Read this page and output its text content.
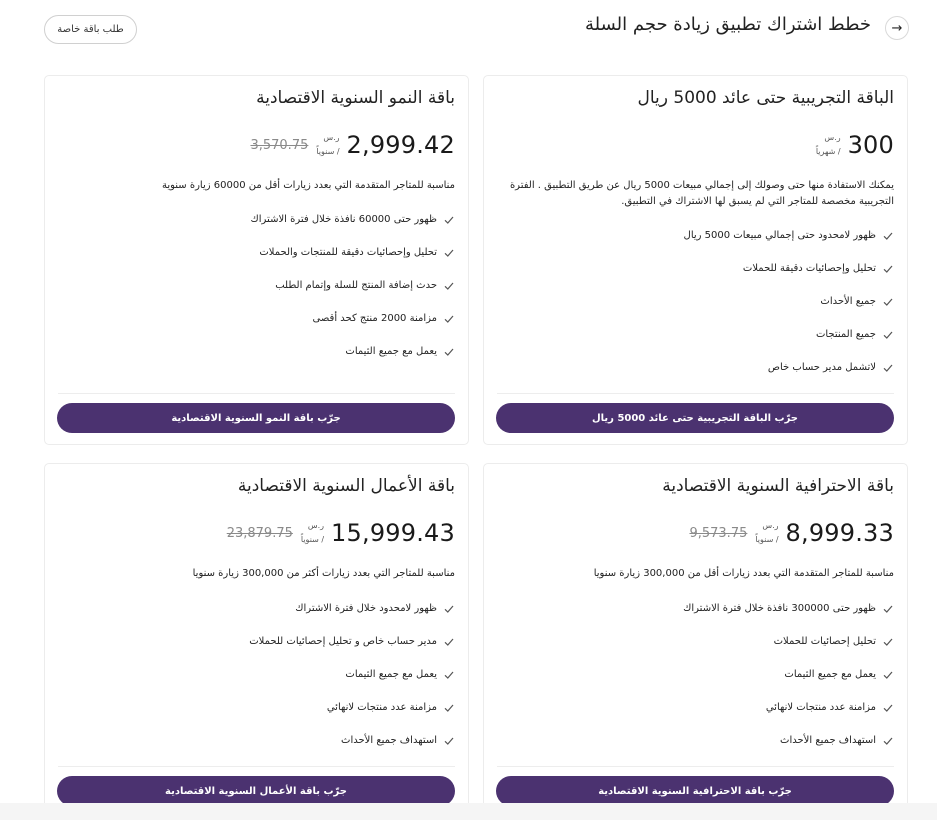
→
خطط اشتراك تطبيق زيادة حجم السلة
طلب باقة خاصة
الباقة التجريبية حتى عائد 5000 ريال
300
ر.س
/ شهرياً

يمكنك الاستفادة منها حتى وصولك إلى إجمالي مبيعات 5000 ريال عن طريق التطبيق . الفترة التجريبية مخصصة للمتاجر التي لم يسبق لها الاشتراك في التطبيق.

ظهور لامحدود حتى إجمالي مبيعات 5000 ريال
تحليل وإحصائيات دقيقة للحملات
جميع الأحداث
جميع المنتجات
لاتشمل مدير حساب خاص
جرّب الباقة التجريبية حتى عائد 5000 ريال
باقة النمو السنوية الاقتصادية
2,999.42
ر.س
/ سنوياً
3,570.75

مناسبة للمتاجر المتقدمة التي بعدد زيارات أقل من 60000 زيارة سنوية

ظهور حتى 60000 نافذة خلال فترة الاشتراك
تحليل وإحصائيات دقيقة للمنتجات والحملات
حدث إضافة المنتج للسلة وإتمام الطلب
مزامنة 2000 منتج كحد أقصى
يعمل مع جميع الثيمات
جرّب باقة النمو السنوية الاقتصادية
باقة الاحترافية السنوية الاقتصادية
8,999.33
ر.س
/ سنوياً
9,573.75

مناسبة للمتاجر المتقدمة التي بعدد زيارات أقل من 300,000 زيارة سنويا

ظهور حتى 300000 نافذة خلال فترة الاشتراك
تحليل إحصائيات للحملات
يعمل مع جميع الثيمات
مزامنة عدد منتجات لانهائي
استهداف جميع الأحداث
جرّب باقة الاحترافية السنوية الاقتصادية
باقة الأعمال السنوية الاقتصادية
15,999.43
ر.س
/ سنوياً
23,879.75

مناسبة للمتاجر التي بعدد زيارات أكثر من 300,000 زيارة سنويا

ظهور لامحدود خلال فترة الاشتراك
مدير حساب خاص و تحليل إحصائيات للحملات
يعمل مع جميع الثيمات
مزامنة عدد منتجات لانهائي
استهداف جميع الأحداث
جرّب باقة الأعمال السنوية الاقتصادية
